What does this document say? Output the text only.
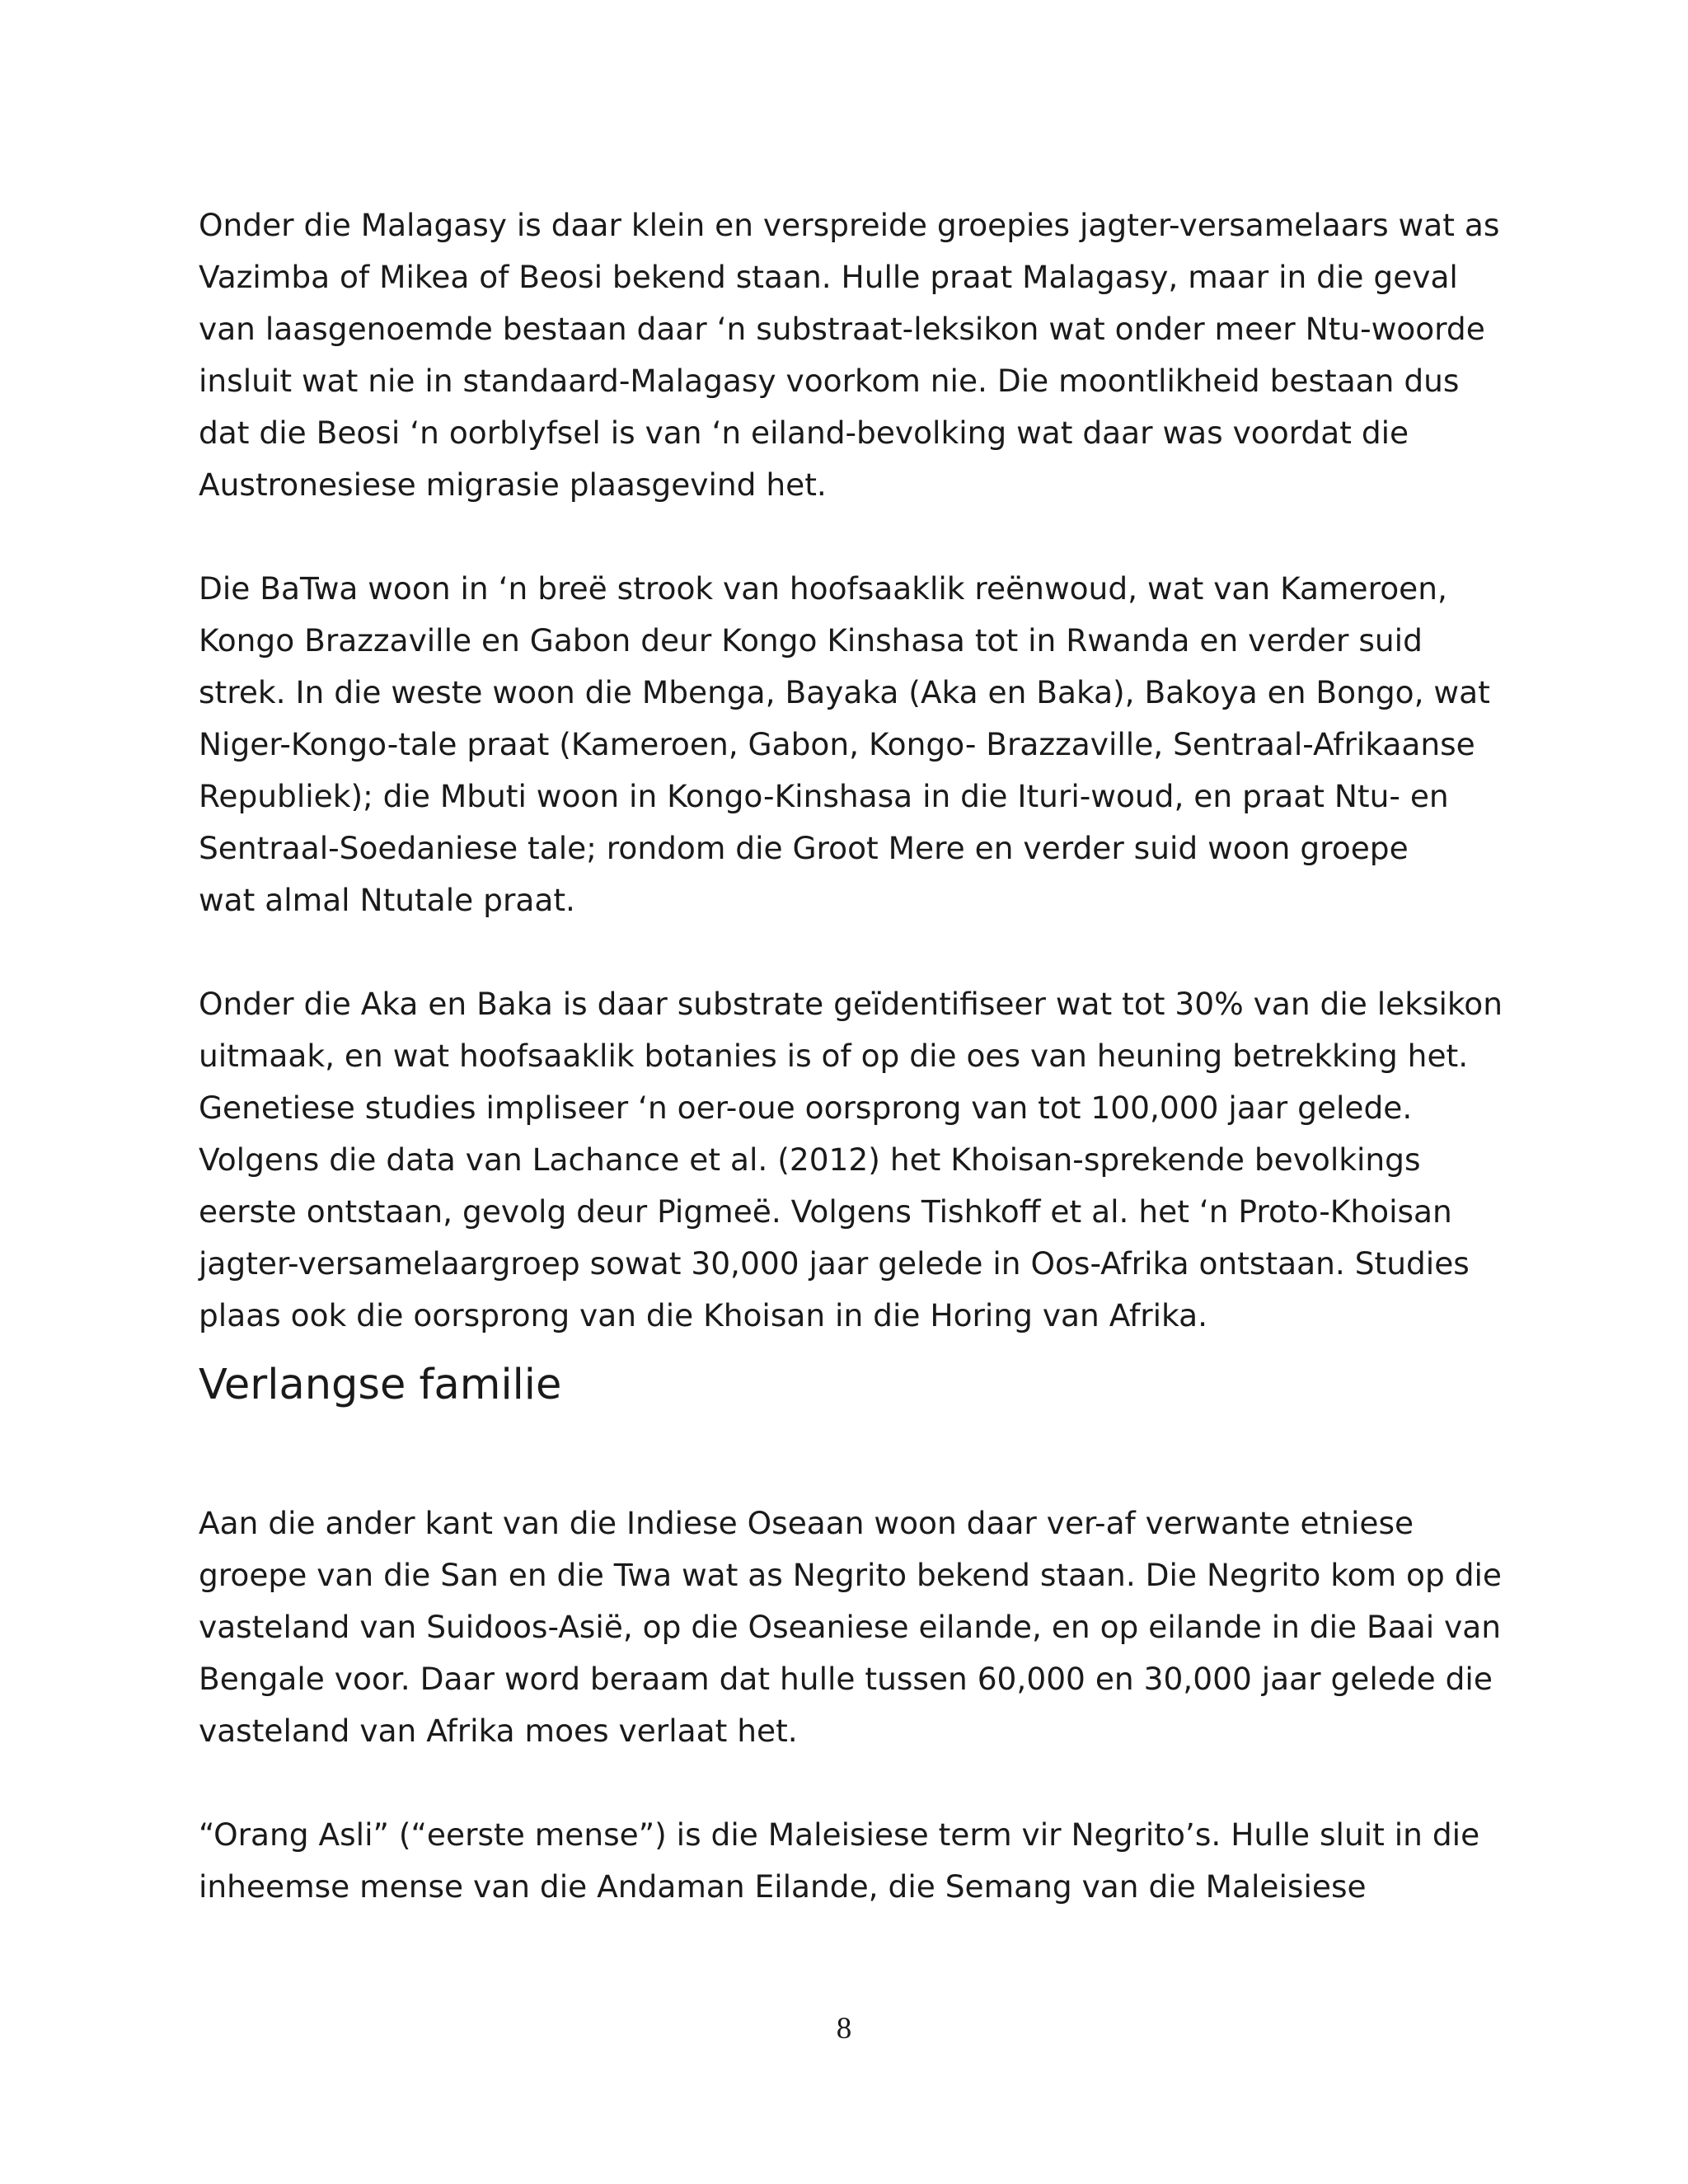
Onder die Malagasy is daar klein en verspreide groepies jagter-versamelaars wat as
Vazimba of Mikea of Beosi bekend staan. Hulle praat Malagasy, maar in die geval
van laasgenoemde bestaan daar ‘n substraat-leksikon wat onder meer Ntu-woorde
insluit wat nie in standaard-Malagasy voorkom nie. Die moontlikheid bestaan dus
dat die Beosi ‘n oorblyfsel is van ‘n eiland-bevolking wat daar was voordat die
Austronesiese migrasie plaasgevind het.

Die BaTwa woon in ‘n breë strook van hoofsaaklik reënwoud, wat van Kameroen,
Kongo Brazzaville en Gabon deur Kongo Kinshasa tot in Rwanda en verder suid
strek. In die weste woon die Mbenga, Bayaka (Aka en Baka), Bakoya en Bongo, wat
Niger-Kongo-tale praat (Kameroen, Gabon, Kongo- Brazzaville, Sentraal-Afrikaanse
Republiek); die Mbuti woon in Kongo-Kinshasa in die Ituri-woud, en praat Ntu- en
Sentraal-Soedaniese tale; rondom die Groot Mere en verder suid woon groepe
wat almal Ntutale praat.

Onder die Aka en Baka is daar substrate geïdentifiseer wat tot 30% van die leksikon
uitmaak, en wat hoofsaaklik botanies is of op die oes van heuning betrekking het.
Genetiese studies impliseer ‘n oer-oue oorsprong van tot 100,000 jaar gelede.
Volgens die data van Lachance et al. (2012) het Khoisan-sprekende bevolkings
eerste ontstaan, gevolg deur Pigmeë. Volgens Tishkoff et al. het ‘n Proto-Khoisan
jagter-versamelaargroep sowat 30,000 jaar gelede in Oos-Afrika ontstaan. Studies
plaas ook die oorsprong van die Khoisan in die Horing van Afrika.

Verlangse familie

Aan die ander kant van die Indiese Oseaan woon daar ver-af verwante etniese
groepe van die San en die Twa wat as Negrito bekend staan. Die Negrito kom op die
vasteland van Suidoos-Asië, op die Oseaniese eilande, en op eilande in die Baai van
Bengale voor. Daar word beraam dat hulle tussen 60,000 en 30,000 jaar gelede die
vasteland van Afrika moes verlaat het.

“Orang Asli” (“eerste mense”) is die Maleisiese term vir Negrito’s. Hulle sluit in die
inheemse mense van die Andaman Eilande, die Semang van die Maleisiese

8
